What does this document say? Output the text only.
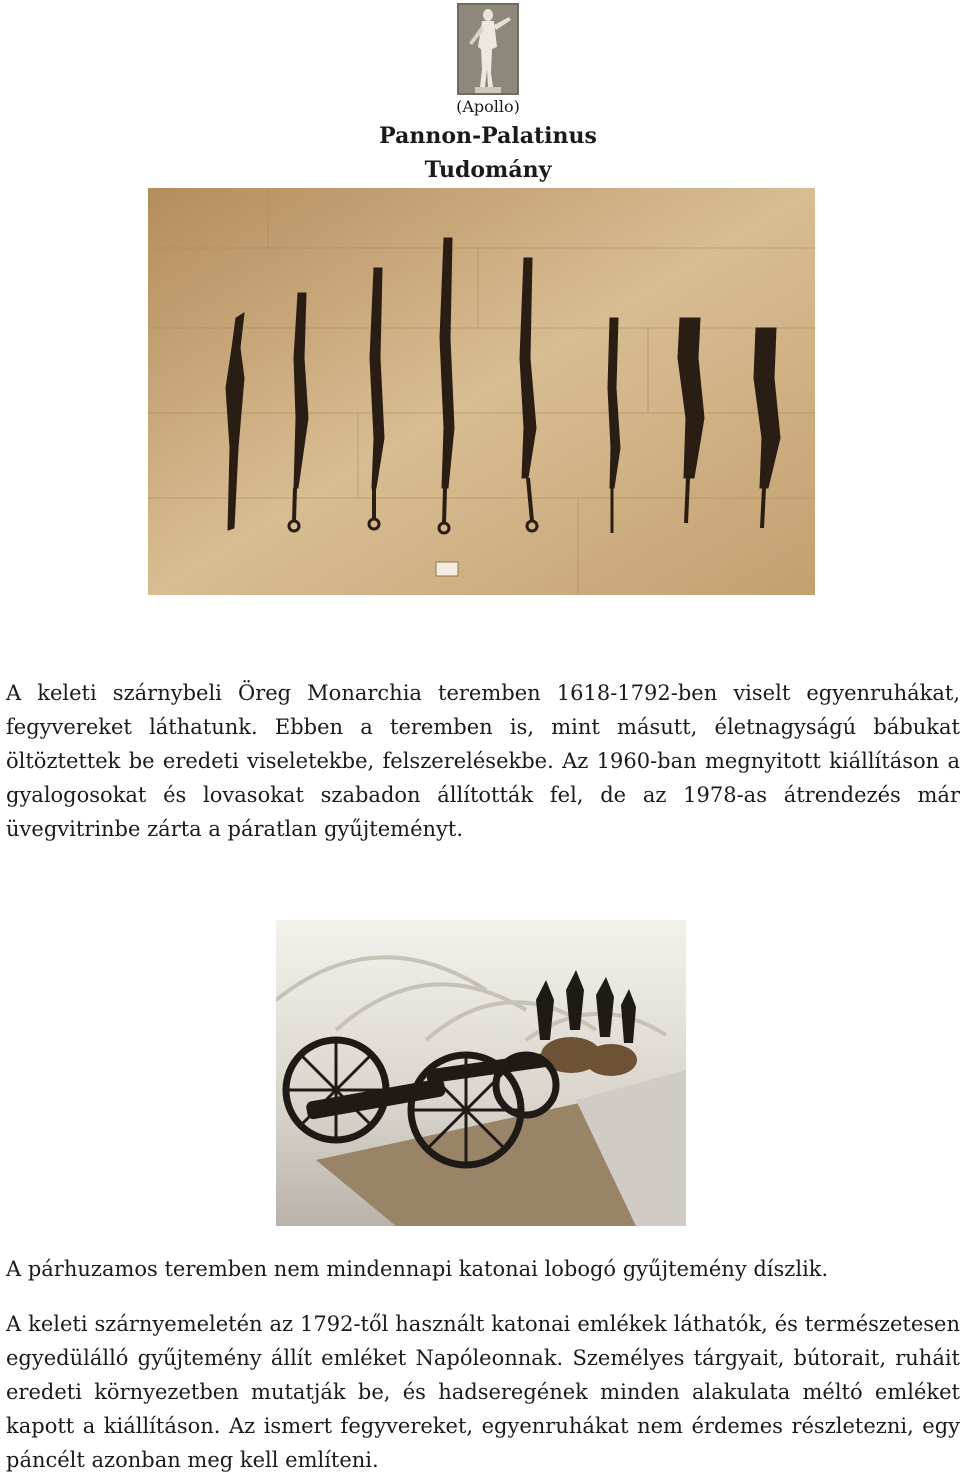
(Apollo)
Pannon-Palatinus
Tudomány

A keleti szárnybeli Öreg Monarchia teremben 1618-1792-ben viselt egyenruhákat, fegyvereket láthatunk. Ebben a teremben is, mint másutt, életnagyságú bábukat öltöztettek be eredeti viseletekbe, felszerelésekbe. Az 1960-ban megnyitott kiállításon a gyalogosokat és lovasokat szabadon állították fel, de az 1978-as átrendezés már üvegvitrinbe zárta a páratlan gyűjteményt.

A párhuzamos teremben nem mindennapi katonai lobogó gyűjtemény díszlik.

A keleti szárnyemeletén az 1792-től használt katonai emlékek láthatók, és természetesen egyedülálló gyűjtemény állít emléket Napóleonnak. Személyes tárgyait, bútorait, ruháit eredeti környezetben mutatják be, és hadseregének minden alakulata méltó emléket kapott a kiállításon. Az ismert fegyvereket, egyenruhákat nem érdemes részletezni, egy páncélt azonban meg kell említeni.
